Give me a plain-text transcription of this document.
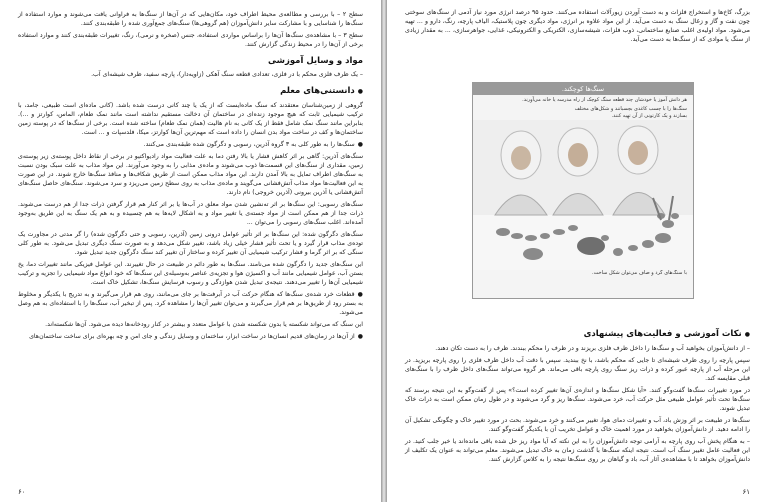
سطح ۲ – با بررسی و مطالعه‌ی محیط اطراف خود، مکان‌هایی که در آن‌ها از سنگ‌ها به فراوانی یافت می‌شوند و موارد استفاده از سنگ‌ها را شناسایی و با مشارکت سایر دانش‌آموزان (هم گروهی‌ها) سنگ‌های جمع‌آوری شده را طبقه‌بندی کنند.

سطح ۳ – با مشاهده‌ی سنگ‌ها آن‌ها را براساس مواردی استفاده، جنس (صخره و نرمی)، رنگ، تغییرات طبقه‌بندی کنند و موارد استفاده برخی از آن‌ها را در محیط زندگی گزارش کنند.

مواد و وسایل آموزشی

– یک ظرف فلزی محکم با در فلزی، تعدادی قطعه سنگ آهکی (زاویه‌دار)، پارچه سفید، ظرف شیشه‌ای آب.

● دانستنی‌های معلم

گروهی از زمین‌شناسان معتقدند که سنگ ماده‌ایست که از یک یا چند کانی درست شده باشد. (کانی ماده‌ای است طبیعی، جامد، با ترکیب شیمیایی ثابت که هیچ موجود زنده‌ای در ساختمان آن دخالت مستقیم نداشته است مانند نمک طعام، الماس، کوارتز و ...). بنابراین مانند سنگ نمک شامل فقط از یک کانی به نام هالیت (همان نمک طعام) ساخته شده است. برخی از سنگ‌ها که در پوسته زمین ساختمان‌ها و کف در ساخت مواد بدن انسان را داده است که مهم‌ترین آن‌ها کوارتز، میکا، فلدسپات و ... است.

● سنگ‌ها را به طور کلی به ۳ گروه آذرین، رسوبی و دگرگون شده طبقه‌بندی می‌کنند.

سنگ‌های آذرین: گاهی بر اثر کاهش فشار یا بالا رفتن دما به علت فعالیت مواد رادیواکتیو در برخی از نقاط داخل پوسته‌ی زیر پوسته‌ی زمین، مقداری از سنگ‌های این قسمت‌ها ذوب می‌شوند و ماده‌ی مذابی را به وجود می‌آورند. این مواد مذاب به علت سبک بودن نسبت به سنگ‌های اطراف تمایل به بالا آمدن دارند. این مواد مذاب ممکن است از طریق شکاف‌ها و منافذ سنگ‌ها خارج شوند. در این صورت به این فعالیت‌ها مواد مذاب آتش‌فشانی می‌گویند و ماده‌ی مذاب به روی سطح زمین می‌ریزد و سرد می‌شوند. سنگ‌های حاصل سنگ‌های آتش‌فشانی یا آذرین بیرونی (آذرین خروجی) نام دارند.

سنگ‌های رسوبی: این سنگ‌ها بر اثر ته‌نشین شدن مواد معلق در آب‌ها یا بر اثر کنار هم قرار گرفتن ذرات جدا از هم درست می‌شوند. ذرات جدا از هم ممکن است از مواد جسته‌ی یا تغییر مواد و به اشکال لایه‌ها به هم چسبیده و به هم یک سنگ به این طریق به‌وجود آمده‌اند. اغلب سنگ‌های رسوبی را می‌توان ...

سنگ‌های دگرگون شده: این سنگ‌ها بر اثر تأثیر عوامل درونی زمین (آذرین، رسوبی و حتی دگرگون شده) را گر مدتی در مجاورت یک توده‌ی مذاب قرار گیرد و یا تحت تأثیر فشار خیلی زیاد باشد، تغییر شکل می‌دهد و به صورت سنگ دیگری تبدیل می‌شود. به طور کلی سنگی که بر اثر گرما و فشار ترکیب شیمیایی آن تغییر کرده و ساختار آن تغییر کند سنگ دگرگون جدید تبدیل شود.

این سنگ‌های جدید را دگرگون شده می‌نامند. سنگ‌ها به طور دائم در طبیعت در حال تغییرند. این عوامل فیزیکی مانند تغییرات دما، یخ بستن آب، عوامل شیمیایی مانند آب و اکسیژن هوا و تجزیه‌ی عناصر به‌وسیله‌ی این سنگ‌ها که خود انواع مواد شیمیایی را تجزیه و ترکیب شیمیایی آن‌ها را تغییر می‌دهند. نتیجه‌ی تبدیل شدن هوازدگی و رسوب فرسایش سنگ‌ها، تشکیل خاک است.

● قطعات خرد شده‌ی سنگ‌ها که هنگام حرکت آب در آبرفت‌ها بر جای می‌مانند، روی هم قرار می‌گیرند و به تدریج با یکدیگر و مخلوط به بستر رود از طریق‌ها بر هم قرار می‌گیرند و می‌توان تغییر آن‌ها را مشاهده کرد. پس از تبخیر آب، سنگ‌ها را با استفاده‌ای به هم وصل می‌شوند.

این سنگ که می‌تواند شکسته یا بدون شکسته شدن با عوامل متعدد و بیشتر در کنار رودخانه‌ها دیده می‌شود. آن‌ها شکسته‌اند.

● از آن‌ها در زمان‌های قدیم انسان‌ها در ساخت ابزار، ساختمان و وسایل زندگی و جای امن و چه بهره‌ای برای ساخت ساختمان‌های

۶۰

بزرگ، کاخ‌ها و استخراج فلزات و به دست آوردن زیورآلات استفاده می‌کنند. حدود ۹۵ درصد انرژی مورد نیاز آدمی از سنگ‌های سوختی چون نفت و گاز و زغال سنگ به دست می‌آید. از این مواد علاوه بر انرژی، مواد دیگری چون پلاستیک، الیاف پارچه، رنگ، دارو و ... تهیه می‌شود. مواد اولیه‌ی اغلب صنایع ساختمانی، ذوب فلزات، شیشه‌سازی، الکتریکی و الکترونیکی، غذایی، جواهرسازی، ... به مقدار زیادی از سنگ یا موادی که از سنگ‌ها به دست می‌آید.

سنگ‌ها کوچکند.
هر دانش آموز یا خودشان چند قطعه سنگ کوچک از راه مدرسه یا خانه می‌آورند.
سنگ‌ها را با چسب کاغذی بچسبانند و شکل‌های مختلف بسازند و یک کارتونی از آن تهیه کنند.
با سنگ‌های گرد و صاف می‌توان شکل ساخت.
● نکات آموزشی و فعالیت‌های پیشنهادی

– از دانش‌آموزان بخواهید آب و سنگ‌ها را داخل ظرف فلزی بریزند و در ظرف را محکم ببندند. ظرف را به دست تکان دهند.

سپس پارچه را روی ظرف شیشه‌ای تا جایی که محکم باشد، با نخ ببندید. سپس با دقت آب داخل ظرف فلزی را روی پارچه بریزید. در این مرحله آب از پارچه عبور کرده و ذرات ریز سنگ روی پارچه باقی می‌ماند. هر گروه می‌تواند سنگ‌های داخل ظرف را با سنگ‌های قبلی مقایسه کند.

در مورد تغییرات سنگ‌ها گفت‌وگو کنند. «آیا شکل سنگ‌ها و اندازه‌ی آن‌ها تغییر کرده است؟» پس از گفت‌وگو به این نتیجه برسند که سنگ‌ها تحت تأثیر عوامل طبیعی مثل حرکت آب، خرد می‌شوند. سنگ‌ها ریز و گرد می‌شوند و در طول زمان ممکن است به ذرات خاک تبدیل شوند.

سنگ‌ها در طبیعت بر اثر وزش باد، آب و تغییرات دمای هوا، تغییر می‌کنند و خرد می‌شوند. بحث در مورد تغییر خاک و چگونگی تشکیل آن را ادامه دهید. از دانش‌آموزان بخواهید در مورد اهمیت خاک و عوامل تخریب آن با یکدیگر گفت‌وگو کنند.

– به هنگام پخش آب روی پارچه به آرامی توجه دانش‌آموزان را به این نکته که آیا مواد ریز حل شده باقی مانده‌اند یا خیر جلب کنید. در این فعالیت عامل تغییر سنگ آب است. نتیجه اینکه سنگ‌ها با گذشت زمان به خاک تبدیل می‌شوند. معلم می‌تواند به عنوان یک تکلیف از دانش‌آموزان بخواهد تا با مشاهده‌ی آثار آب، باد و گیاهان بر روی سنگ‌ها نتیجه را به کلاس گزارش کنند.

۶۱
